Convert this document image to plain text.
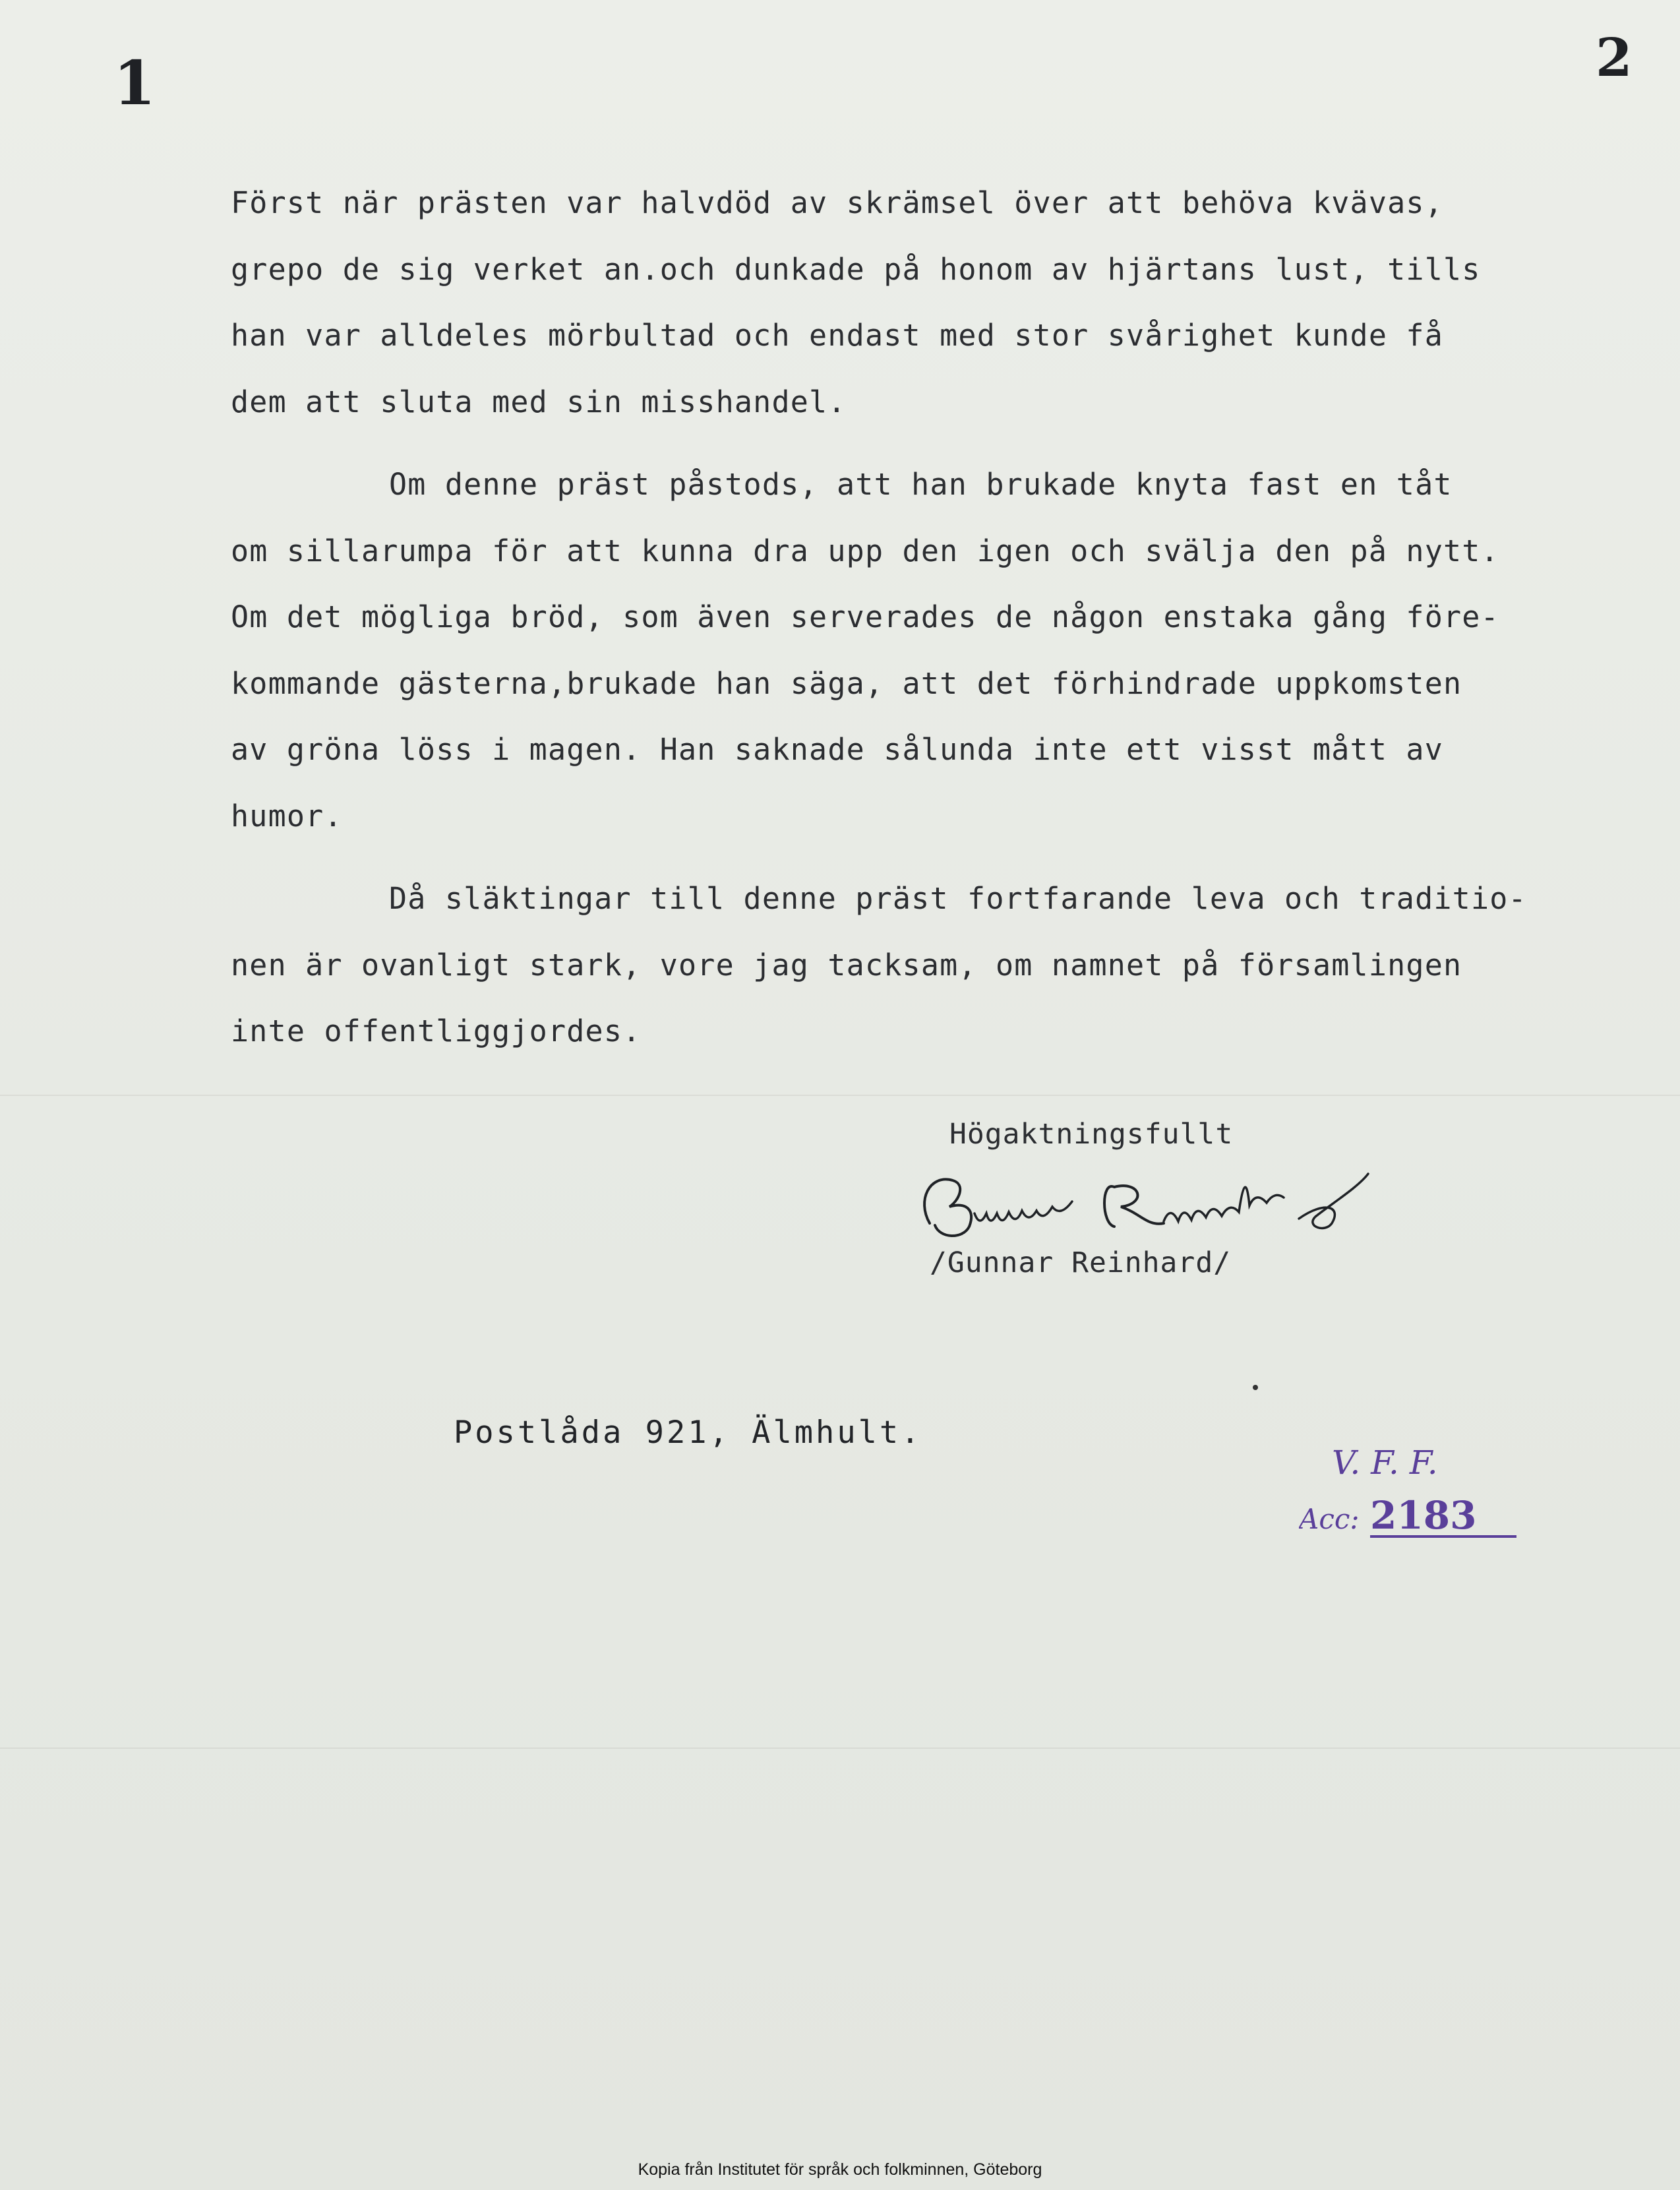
1	2
Först när prästen var halvdöd av skrämsel över att behöva kvävas,
grepo de sig verket an.och dunkade på honom av hjärtans lust, tills
han var alldeles mörbultad och endast med stor svårighet kunde få
dem att sluta med sin misshandel.
Om denne präst påstods, att han brukade knyta fast en tåt
om sillarumpa för att kunna dra upp den igen och svälja den på nytt.
Om det mögliga bröd, som även serverades de någon enstaka gång före-
kommande gästerna,brukade han säga, att det förhindrade uppkomsten
av gröna löss i magen. Han saknade sålunda inte ett visst mått av
humor.
Då släktingar till denne präst fortfarande leva och traditio-
nen är ovanligt stark, vore jag tacksam, om namnet på församlingen
inte offentliggjordes.
Högaktningsfullt
/Gunnar Reinhard/
Postlåda 921, Älmhult.
V. F. F.
Acc: 2183
Kopia från Institutet för språk och folkminnen, Göteborg
